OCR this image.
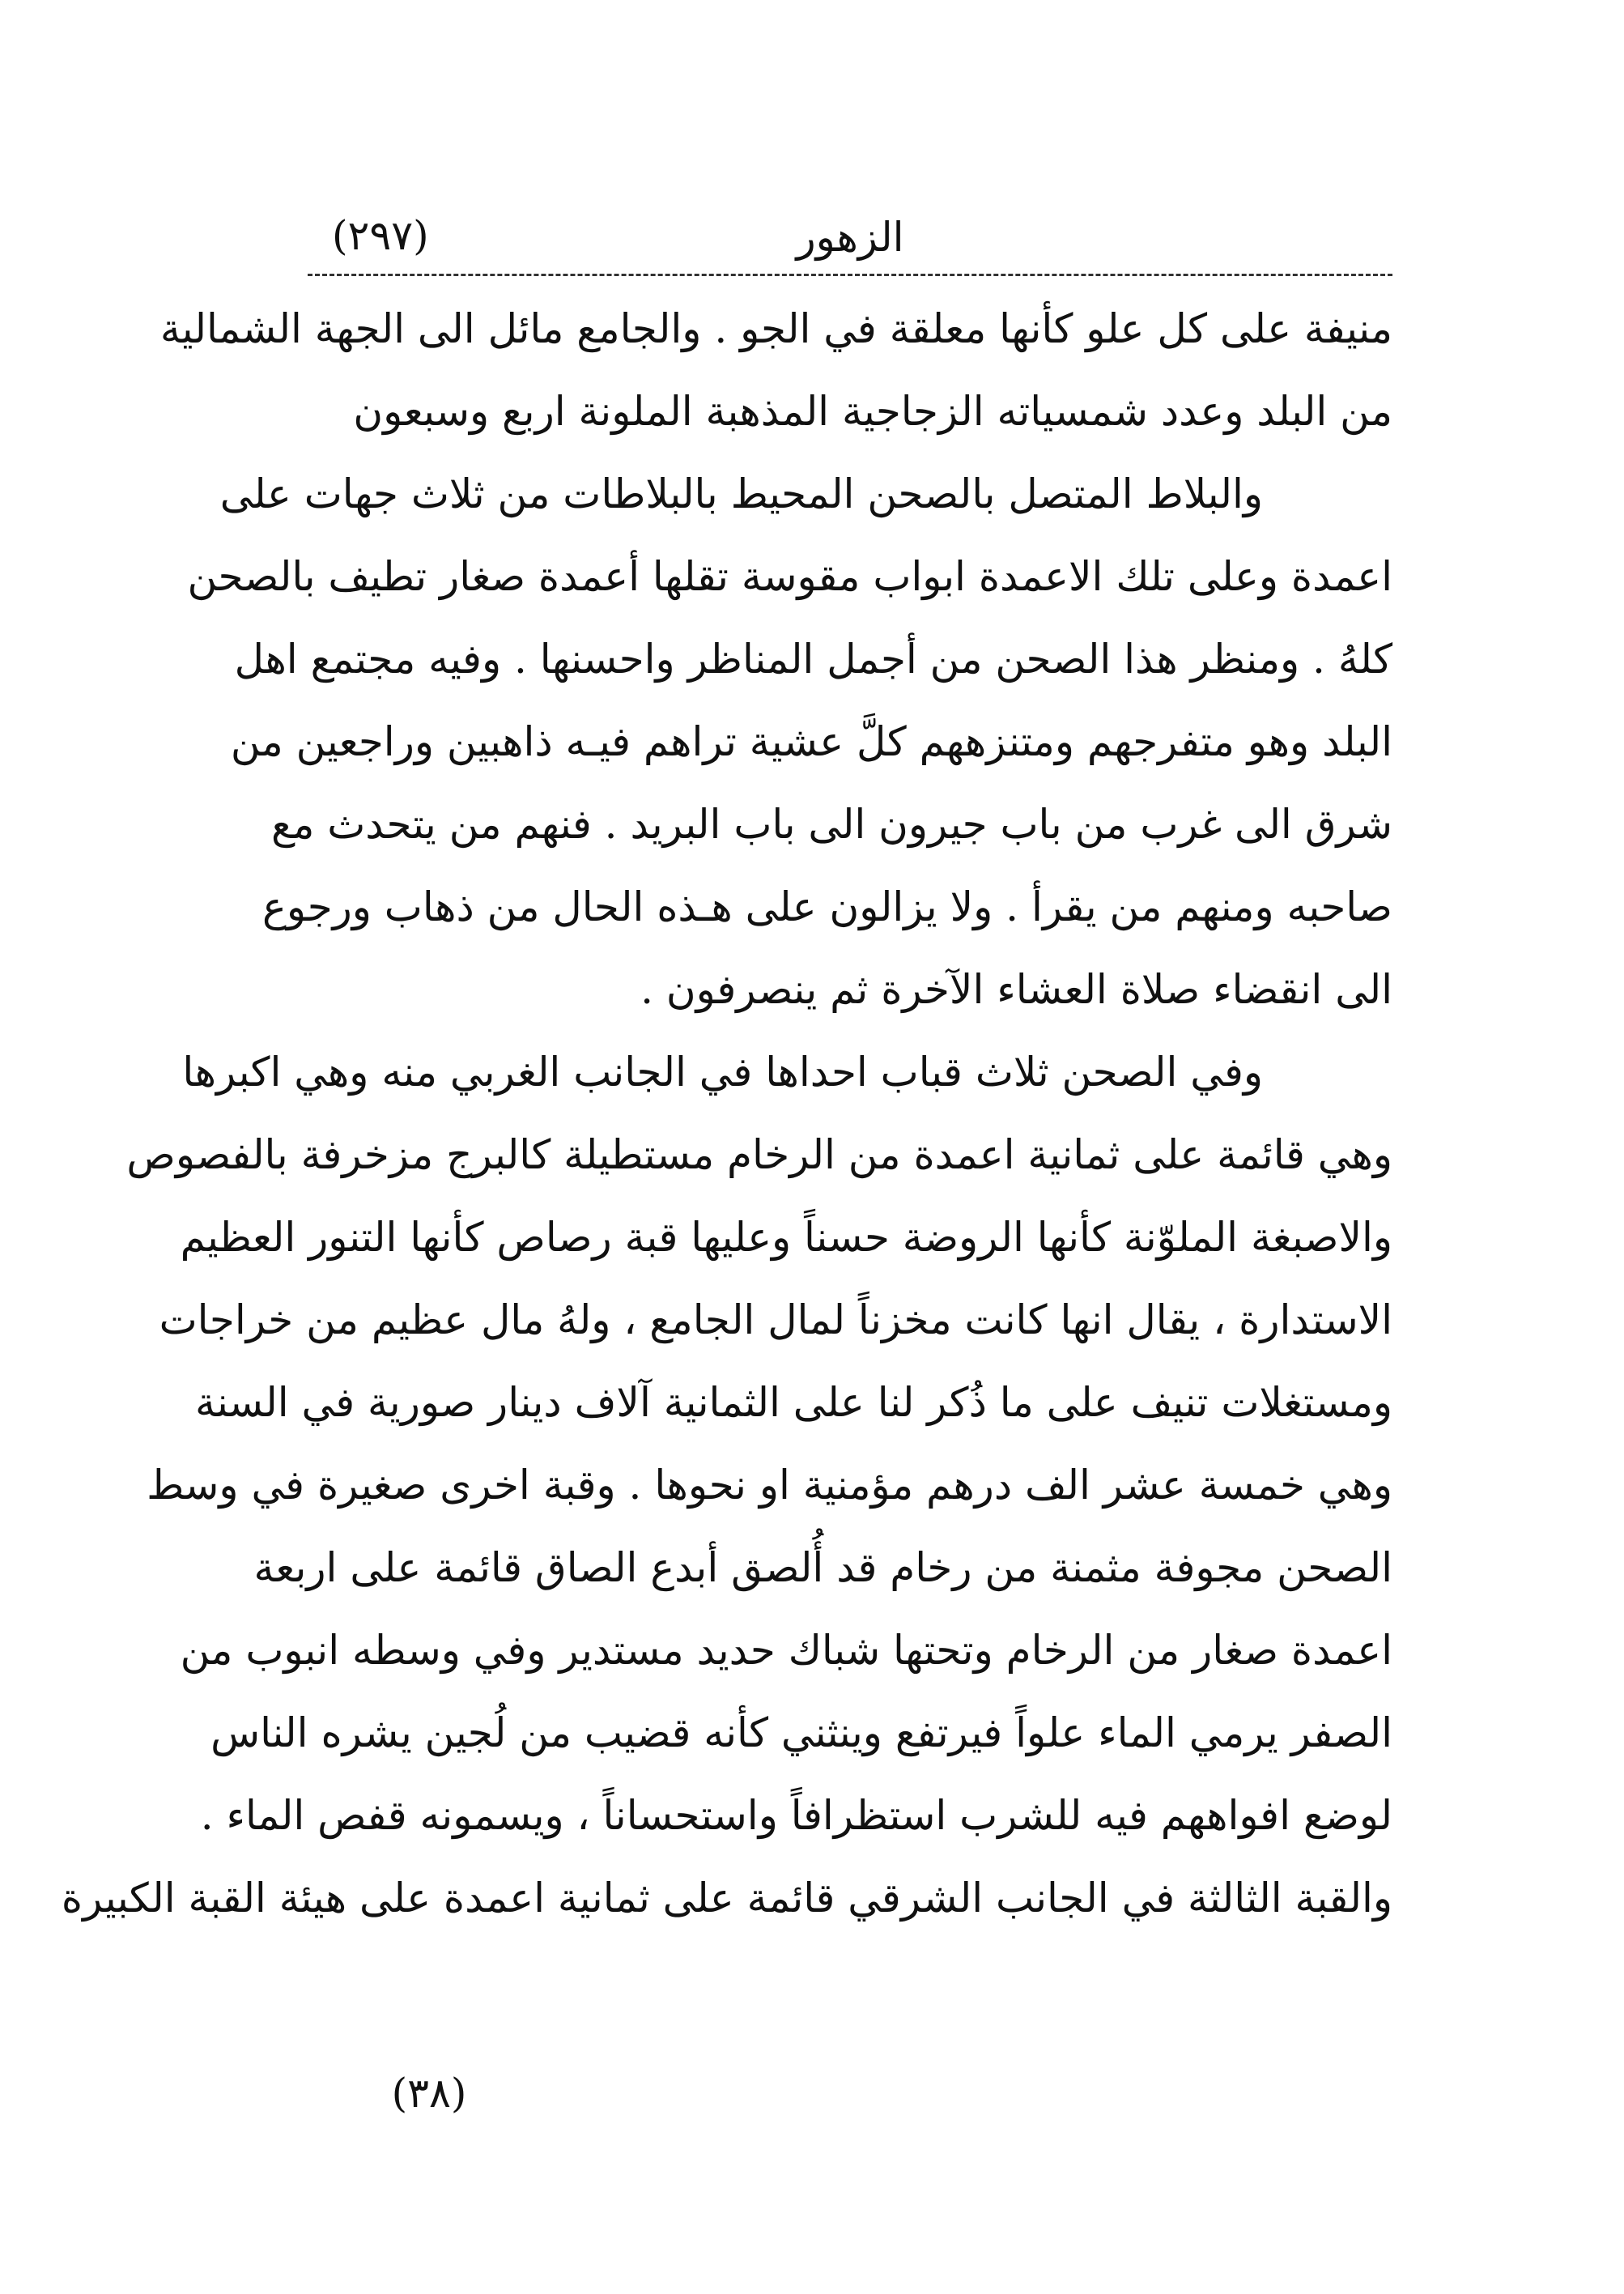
الزهور
(٢٩٧)
منيفة على كل علو كأنها معلقة في الجو . والجامع مائل الى الجهة الشمالية
من البلد وعدد شمسياته الزجاجية المذهبة الملونة اربع وسبعون
والبلاط المتصل بالصحن المحيط بالبلاطات من ثلاث جهات على
اعمدة وعلى تلك الاعمدة ابواب مقوسة تقلها أعمدة صغار تطيف بالصحن
كلهُ . ومنظر هذا الصحن من أجمل المناظر واحسنها . وفيه مجتمع اهل
البلد وهو متفرجهم ومتنزههم كلَّ عشية تراهم فيـه ذاهبين وراجعين من
شرق الى غرب من باب جيرون الى باب البريد . فنهم من يتحدث مع
صاحبه ومنهم من يقرأ . ولا يزالون على هـذه الحال من ذهاب ورجوع
الى انقضاء صلاة العشاء الآخرة ثم ينصرفون .
وفي الصحن ثلاث قباب احداها في الجانب الغربي منه وهي اكبرها
وهي قائمة على ثمانية اعمدة من الرخام مستطيلة كالبرج مزخرفة بالفصوص
والاصبغة الملوّنة كأنها الروضة حسناً وعليها قبة رصاص كأنها التنور العظيم
الاستدارة ، يقال انها كانت مخزناً لمال الجامع ، ولهُ مال عظيم من خراجات
ومستغلات تنيف على ما ذُكر لنا على الثمانية آلاف دينار صورية في السنة
وهي خمسة عشر الف درهم مؤمنية او نحوها . وقبة اخرى صغيرة في وسط
الصحن مجوفة مثمنة من رخام قد أُلصق أبدع الصاق قائمة على اربعة
اعمدة صغار من الرخام وتحتها شباك حديد مستدير وفي وسطه انبوب من
الصفر يرمي الماء علواً فيرتفع وينثني كأنه قضيب من لُجين يشره الناس
لوضع افواههم فيه للشرب استظرافاً واستحساناً ، ويسمونه قفص الماء .
والقبة الثالثة في الجانب الشرقي قائمة على ثمانية اعمدة على هيئة القبة الكبيرة
(٣٨)
